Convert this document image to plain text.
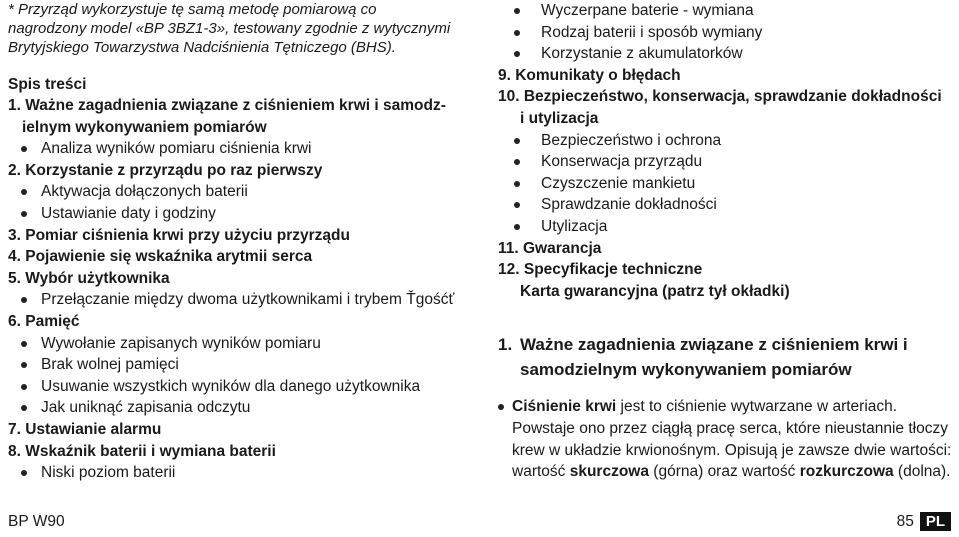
* Przyrząd wykorzystuje tę samą metodę pomiarową co
nagrodzony model «BP 3BZ1-3», testowany zgodnie z wytycznymi
Brytyjskiego Towarzystwa Nadciśnienia Tętniczego (BHS).
Spis treści
1. Ważne zagadnienia związane z ciśnieniem krwi i samodz-
ielnym wykonywaniem pomiarów
Analiza wyników pomiaru ciśnienia krwi
2. Korzystanie z przyrządu po raz pierwszy
Aktywacja dołączonych baterii
Ustawianie daty i godziny
3. Pomiar ciśnienia krwi przy użyciu przyrządu
4. Pojawienie się wskaźnika arytmii serca
5. Wybór użytkownika
Przełączanie między dwoma użytkownikami i trybem Ťgośćť
6. Pamięć
Wywołanie zapisanych wyników pomiaru
Brak wolnej pamięci
Usuwanie wszystkich wyników dla danego użytkownika
Jak uniknąć zapisania odczytu
7. Ustawianie alarmu
8. Wskaźnik baterii i wymiana baterii
Niski poziom baterii
Wyczerpane baterie - wymiana
Rodzaj baterii i sposób wymiany
Korzystanie z akumulatorków
9. Komunikaty o błędach
10. Bezpieczeństwo, konserwacja, sprawdzanie dokładności
i utylizacja
Bezpieczeństwo i ochrona
Konserwacja przyrządu
Czyszczenie mankietu
Sprawdzanie dokładności
Utylizacja
11. Gwarancja
12. Specyfikacje techniczne
Karta gwarancyjna (patrz tył okładki)
1. Ważne zagadnienia związane z ciśnieniem krwi i
samodzielnym wykonywaniem pomiarów
Ciśnienie krwi jest to ciśnienie wytwarzane w arteriach.
Powstaje ono przez ciągłą pracę serca, które nieustannie tłoczy
krew w układzie krwionośnym. Opisują je zawsze dwie wartości:
wartość skurczowa (górna) oraz wartość rozkurczowa (dolna).
BP W90	85 PL
